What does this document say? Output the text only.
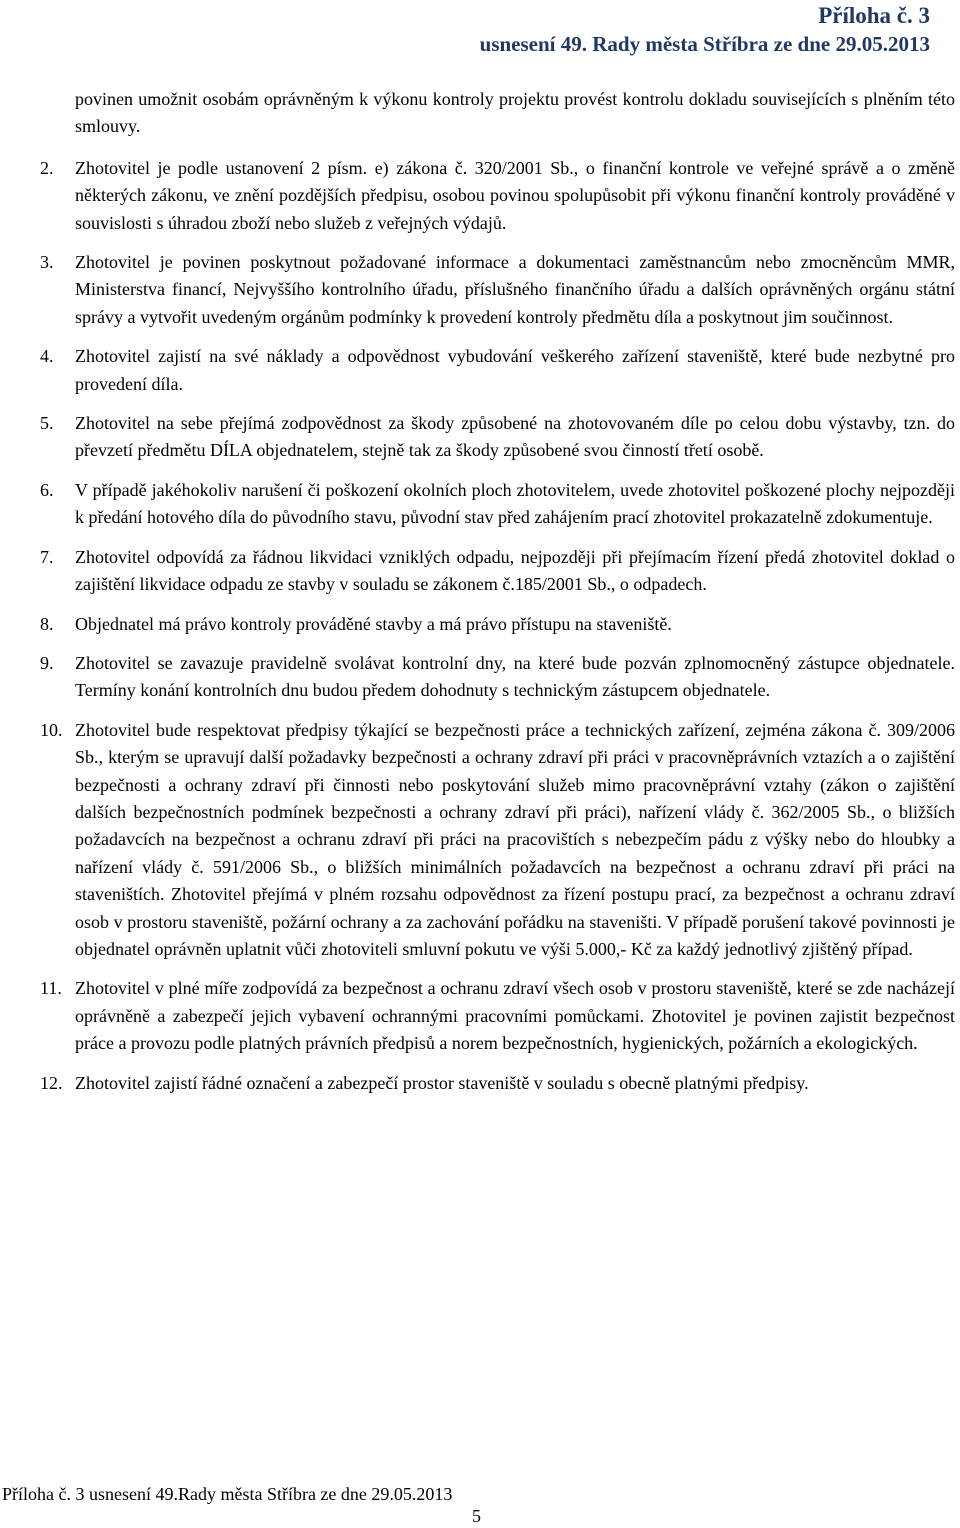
Příloha č. 3
usnesení 49. Rady města Stříbra ze dne 29.05.2013
povinen umožnit osobám oprávněným k výkonu kontroly projektu provést kontrolu dokladu souvisejících s plněním této smlouvy.
2. Zhotovitel je podle ustanovení 2 písm. e) zákona č. 320/2001 Sb., o finanční kontrole ve veřejné správě a o změně některých zákonu, ve znění pozdějších předpisu, osobou povinou spolupůsobit při výkonu finanční kontroly prováděné v souvislosti s úhradou zboží nebo služeb z veřejných výdajů.
3. Zhotovitel je povinen poskytnout požadované informace a dokumentaci zaměstnancům nebo zmocněncům MMR, Ministerstva financí, Nejvyššího kontrolního úřadu, příslušného finančního úřadu a dalších oprávněných orgánu státní správy a vytvořit uvedeným orgánům podmínky k provedení kontroly předmětu díla a poskytnout jim součinnost.
4. Zhotovitel zajistí na své náklady a odpovědnost vybudování veškerého zařízení staveniště, které bude nezbytné pro provedení díla.
5. Zhotovitel na sebe přejímá zodpovědnost za škody způsobené na zhotovovaném díle po celou dobu výstavby, tzn. do převzetí předmětu DÍLA objednatelem, stejně tak za škody způsobené svou činností třetí osobě.
6. V případě jakéhokoliv narušení či poškození okolních ploch zhotovitelem, uvede zhotovitel poškozené plochy nejpozději k předání hotového díla do původního stavu, původní stav před zahájením prací zhotovitel prokazatelně zdokumentuje.
7. Zhotovitel odpovídá za řádnou likvidaci vzniklých odpadu, nejpozději při přejímacím řízení předá zhotovitel doklad o zajištění likvidace odpadu ze stavby v souladu se zákonem č.185/2001 Sb., o odpadech.
8. Objednatel má právo kontroly prováděné stavby a má právo přístupu na staveniště.
9. Zhotovitel se zavazuje pravidelně svolávat kontrolní dny, na které bude pozván zplnomocněný zástupce objednatele. Termíny konání kontrolních dnu budou předem dohodnuty s technickým zástupcem objednatele.
10. Zhotovitel bude respektovat předpisy týkající se bezpečnosti práce a technických zařízení, zejména zákona č. 309/2006 Sb., kterým se upravují další požadavky bezpečnosti a ochrany zdraví při práci v pracovněprávních vztazích a o zajištění bezpečnosti a ochrany zdraví při činnosti nebo poskytování služeb mimo pracovněprávní vztahy (zákon o zajištění dalších bezpečnostních podmínek bezpečnosti a ochrany zdraví při práci), nařízení vlády č. 362/2005 Sb., o bližších požadavcích na bezpečnost a ochranu zdraví při práci na pracovištích s nebezpečím pádu z výšky nebo do hloubky a nařízení vlády č. 591/2006 Sb., o bližších minimálních požadavcích na bezpečnost a ochranu zdraví při práci na staveništích. Zhotovitel přejímá v plném rozsahu odpovědnost za řízení postupu prací, za bezpečnost a ochranu zdraví osob v prostoru staveniště, požární ochrany a za zachování pořádku na staveništi. V případě porušení takové povinnosti je objednatel oprávněn uplatnit vůči zhotoviteli smluvní pokutu ve výši 5.000,- Kč za každý jednotlivý zjištěný případ.
11. Zhotovitel v plné míře zodpovídá za bezpečnost a ochranu zdraví všech osob v prostoru staveniště, které se zde nacházejí oprávněně a zabezpečí jejich vybavení ochrannými pracovními pomůckami. Zhotovitel je povinen zajistit bezpečnost práce a provozu podle platných právních předpisů a norem bezpečnostních, hygienických, požárních a ekologických.
12. Zhotovitel zajistí řádné označení a zabezpečí prostor staveniště v souladu s obecně platnými předpisy.
Příloha č. 3 usnesení 49.Rady města Stříbra ze dne 29.05.2013
5
